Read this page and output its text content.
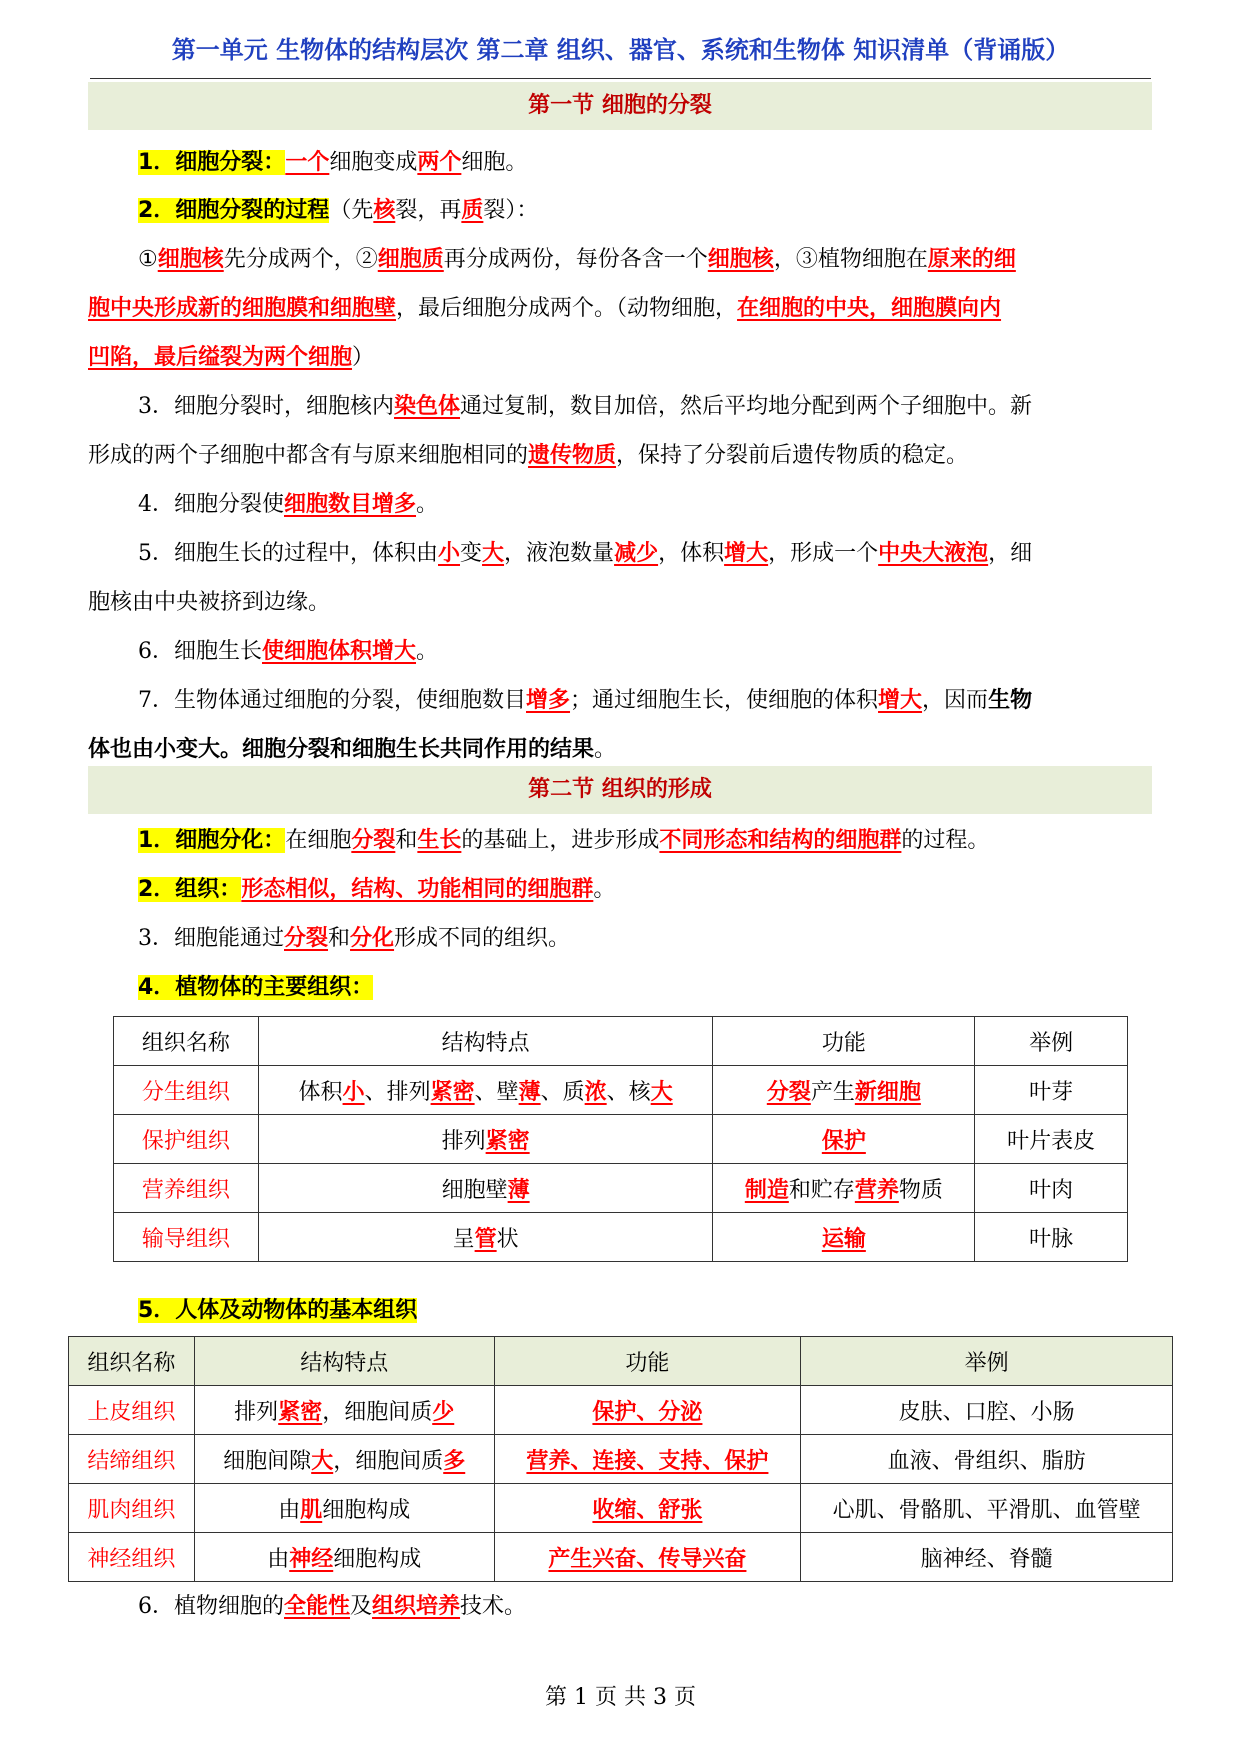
第一单元 生物体的结构层次 第二章 组织、器官、系统和生物体 知识清单（背诵版）
第一节 细胞的分裂
1．细胞分裂：一个细胞变成两个细胞。
2．细胞分裂的过程（先核裂，再质裂）：
①细胞核先分成两个，②细胞质再分成两份，每份各含一个细胞核，③植物细胞在原来的细
胞中央形成新的细胞膜和细胞壁，最后细胞分成两个。（动物细胞，在细胞的中央，细胞膜向内
凹陷，最后缢裂为两个细胞）
3．细胞分裂时，细胞核内染色体通过复制，数目加倍，然后平均地分配到两个子细胞中。新
形成的两个子细胞中都含有与原来细胞相同的遗传物质，保持了分裂前后遗传物质的稳定。
4．细胞分裂使细胞数目增多。
5．细胞生长的过程中，体积由小变大，液泡数量减少，体积增大，形成一个中央大液泡，细
胞核由中央被挤到边缘。
6．细胞生长使细胞体积增大。
7．生物体通过细胞的分裂，使细胞数目增多；通过细胞生长，使细胞的体积增大，因而生物
体也由小变大。细胞分裂和细胞生长共同作用的结果。
第二节 组织的形成
1．细胞分化：在细胞分裂和生长的基础上，进步形成不同形态和结构的细胞群的过程。
2．组织：形态相似，结构、功能相同的细胞群。
3．细胞能通过分裂和分化形成不同的组织。
4．植物体的主要组织：
组织名称	结构特点	功能	举例
分生组织	体积小、排列紧密、壁薄、质浓、核大	分裂产生新细胞	叶芽
保护组织	排列紧密	保护	叶片表皮
营养组织	细胞壁薄	制造和贮存营养物质	叶肉
输导组织	呈管状	运输	叶脉
5．人体及动物体的基本组织
组织名称	结构特点	功能	举例
上皮组织	排列紧密，细胞间质少	保护、分泌	皮肤、口腔、小肠
结缔组织	细胞间隙大，细胞间质多	营养、连接、支持、保护	血液、骨组织、脂肪
肌肉组织	由肌细胞构成	收缩、舒张	心肌、骨骼肌、平滑肌、血管壁
神经组织	由神经细胞构成	产生兴奋、传导兴奋	脑神经、脊髓
6．植物细胞的全能性及组织培养技术。
第 1 页 共 3 页
